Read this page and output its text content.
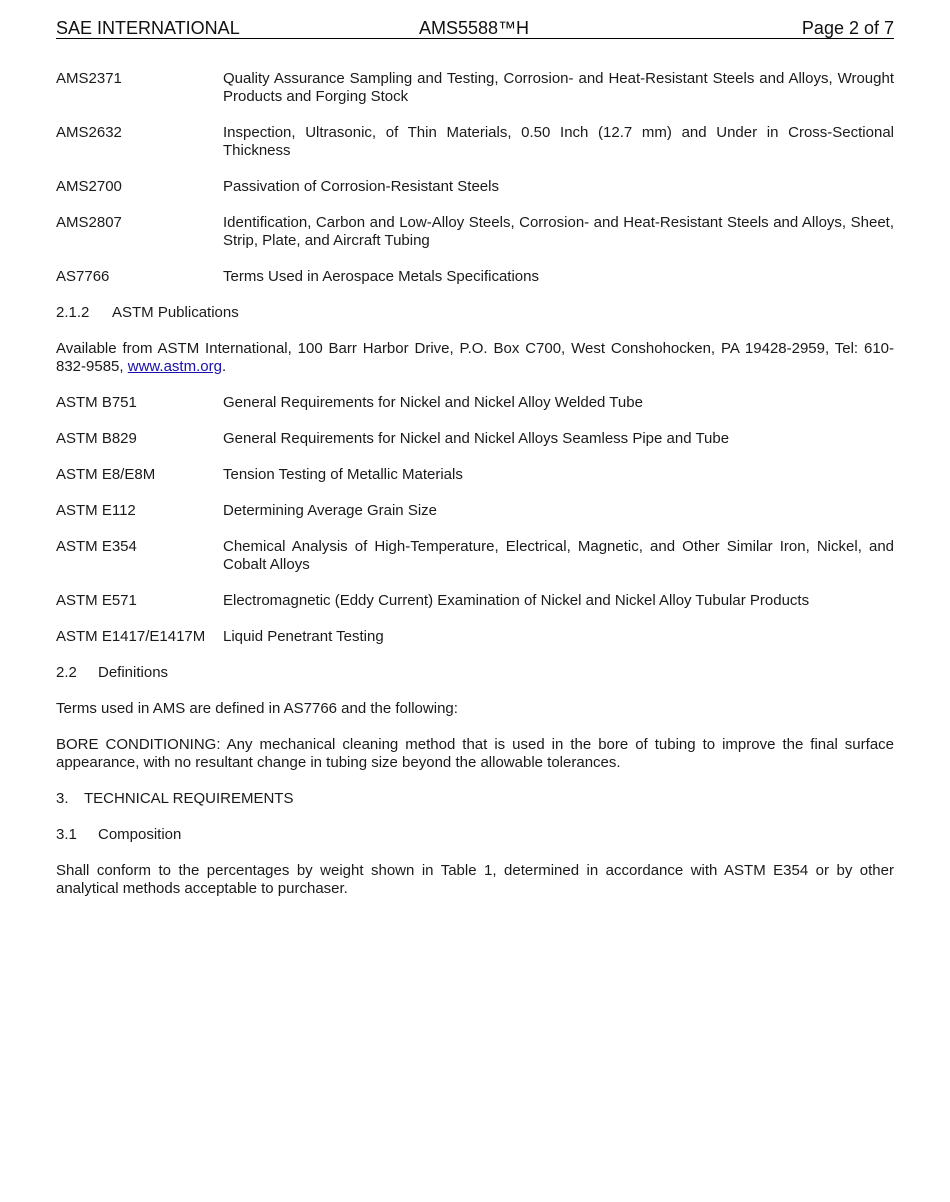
SAE INTERNATIONAL	AMS5588™H	Page 2 of 7
AMS2371	Quality Assurance Sampling and Testing, Corrosion- and Heat-Resistant Steels and Alloys, Wrought Products and Forging Stock
AMS2632	Inspection, Ultrasonic, of Thin Materials, 0.50 Inch (12.7 mm) and Under in Cross-Sectional Thickness
AMS2700	Passivation of Corrosion-Resistant Steels
AMS2807	Identification, Carbon and Low-Alloy Steels, Corrosion- and Heat-Resistant Steels and Alloys, Sheet, Strip, Plate, and Aircraft Tubing
AS7766	Terms Used in Aerospace Metals Specifications
2.1.2 ASTM Publications
Available from ASTM International, 100 Barr Harbor Drive, P.O. Box C700, West Conshohocken, PA 19428-2959, Tel: 610-832-9585, www.astm.org.
ASTM B751	General Requirements for Nickel and Nickel Alloy Welded Tube
ASTM B829	General Requirements for Nickel and Nickel Alloys Seamless Pipe and Tube
ASTM E8/E8M	Tension Testing of Metallic Materials
ASTM E112	Determining Average Grain Size
ASTM E354	Chemical Analysis of High-Temperature, Electrical, Magnetic, and Other Similar Iron, Nickel, and Cobalt Alloys
ASTM E571	Electromagnetic (Eddy Current) Examination of Nickel and Nickel Alloy Tubular Products
ASTM E1417/E1417M	Liquid Penetrant Testing
2.2 Definitions
Terms used in AMS are defined in AS7766 and the following:
BORE CONDITIONING: Any mechanical cleaning method that is used in the bore of tubing to improve the final surface appearance, with no resultant change in tubing size beyond the allowable tolerances.
3. TECHNICAL REQUIREMENTS
3.1 Composition
Shall conform to the percentages by weight shown in Table 1, determined in accordance with ASTM E354 or by other analytical methods acceptable to purchaser.
